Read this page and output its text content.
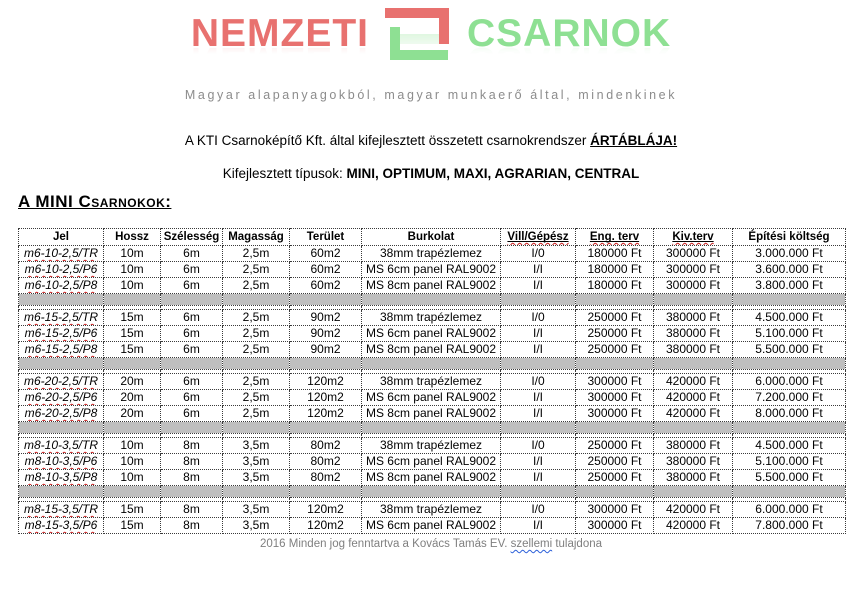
NEMZETI	CSARNOK
Magyar alapanyagokból, magyar munkaerő által, mindenkinek
A KTI Csarnoképítő Kft. által kifejlesztett összetett csarnokrendszer ÁRTÁBLÁJA!
Kifejlesztett típusok: MINI, OPTIMUM, MAXI, AGRARIAN, CENTRAL
A MINI Csarnokok:
Jel	Hossz	Szélesség	Magasság	Terület	Burkolat	Vill/Gépész	Eng. terv	Kiv.terv	Építési költség
m6-10-2,5/TR	10m	6m	2,5m	60m2	38mm trapézlemez	I/0	180000 Ft	300000 Ft	3.000.000 Ft
m6-10-2,5/P6	10m	6m	2,5m	60m2	MS 6cm panel RAL9002	I/I	180000 Ft	300000 Ft	3.600.000 Ft
m6-10-2,5/P8	10m	6m	2,5m	60m2	MS 8cm panel RAL9002	I/I	180000 Ft	300000 Ft	3.800.000 Ft

m6-15-2,5/TR	15m	6m	2,5m	90m2	38mm trapézlemez	I/0	250000 Ft	380000 Ft	4.500.000 Ft
m6-15-2,5/P6	15m	6m	2,5m	90m2	MS 6cm panel RAL9002	I/I	250000 Ft	380000 Ft	5.100.000 Ft
m6-15-2,5/P8	15m	6m	2,5m	90m2	MS 8cm panel RAL9002	I/I	250000 Ft	380000 Ft	5.500.000 Ft

m6-20-2,5/TR	20m	6m	2,5m	120m2	38mm trapézlemez	I/0	300000 Ft	420000 Ft	6.000.000 Ft
m6-20-2,5/P6	20m	6m	2,5m	120m2	MS 6cm panel RAL9002	I/I	300000 Ft	420000 Ft	7.200.000 Ft
m6-20-2,5/P8	20m	6m	2,5m	120m2	MS 8cm panel RAL9002	I/I	300000 Ft	420000 Ft	8.000.000 Ft

m8-10-3,5/TR	10m	8m	3,5m	80m2	38mm trapézlemez	I/0	250000 Ft	380000 Ft	4.500.000 Ft
m8-10-3,5/P6	10m	8m	3,5m	80m2	MS 6cm panel RAL9002	I/I	250000 Ft	380000 Ft	5.100.000 Ft
m8-10-3,5/P8	10m	8m	3,5m	80m2	MS 8cm panel RAL9002	I/I	250000 Ft	380000 Ft	5.500.000 Ft

m8-15-3,5/TR	15m	8m	3,5m	120m2	38mm trapézlemez	I/0	300000 Ft	420000 Ft	6.000.000 Ft
m8-15-3,5/P6	15m	8m	3,5m	120m2	MS 6cm panel RAL9002	I/I	300000 Ft	420000 Ft	7.800.000 Ft
2016 Minden jog fenntartva a Kovács Tamás EV. szellemi tulajdona
